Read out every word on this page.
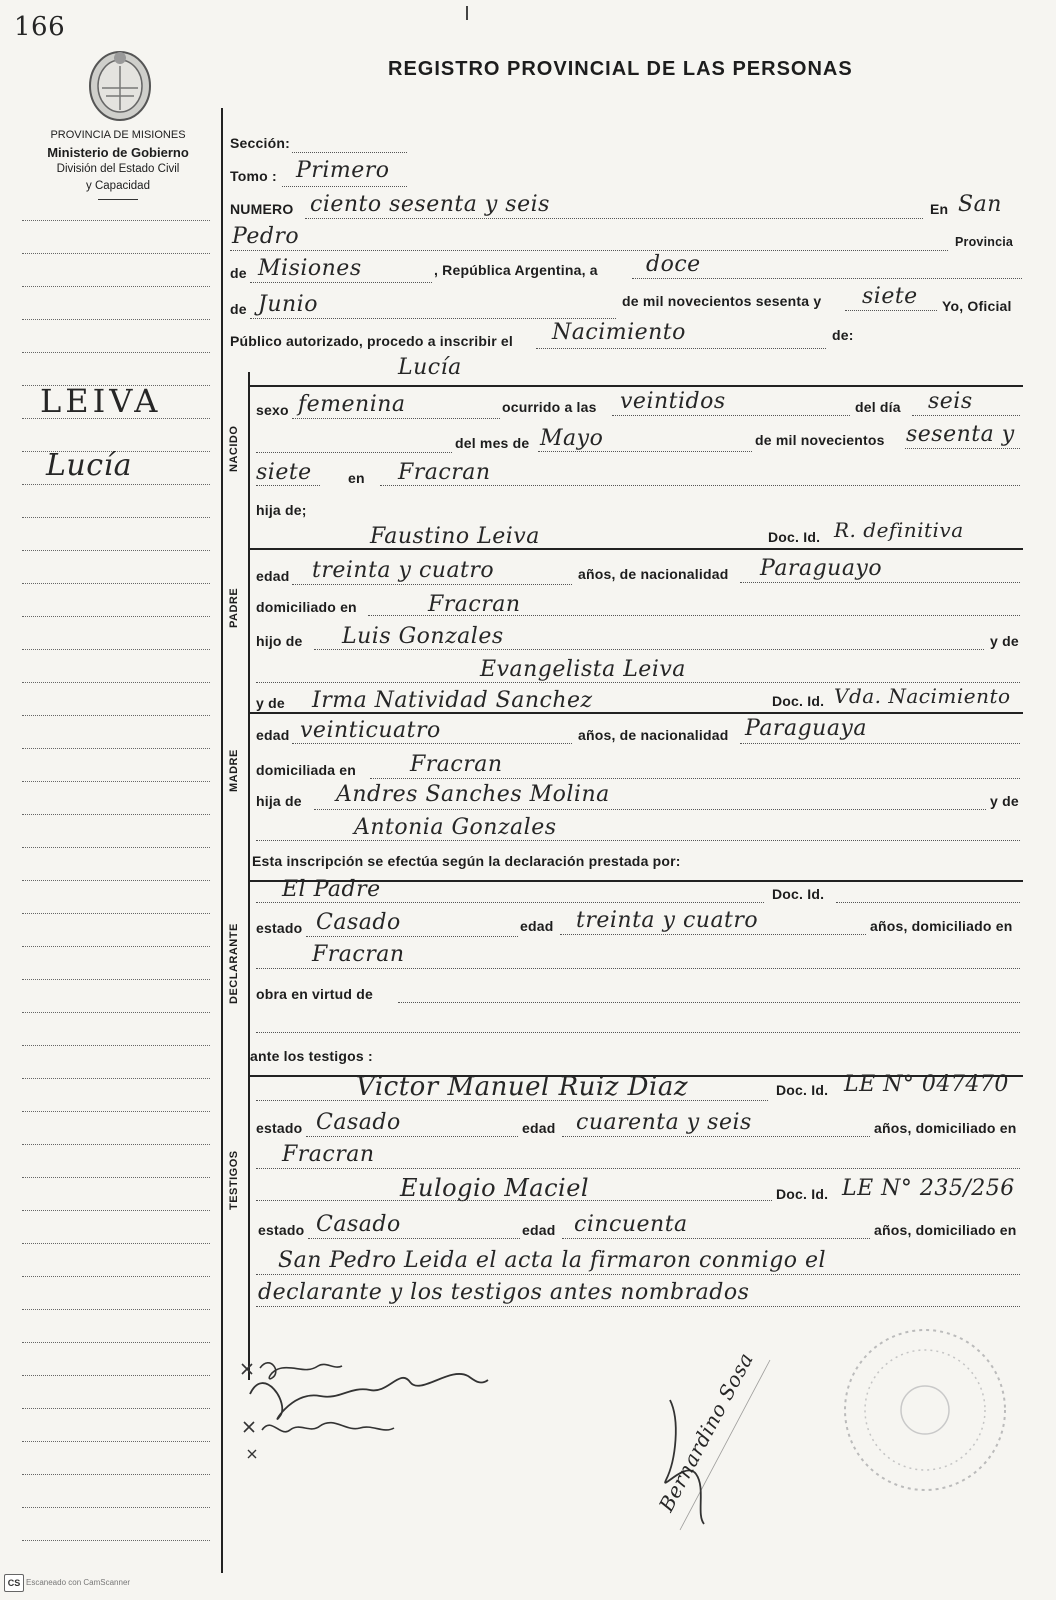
166
REGISTRO PROVINCIAL DE LAS PERSONAS
PROVINCIA DE MISIONES
Ministerio de Gobierno
División del Estado Civil
y Capacidad
LEIVA
Lucía	NACIDO
PADRE
MADRE
DECLARANTE
TESTIGOS
Sección:
Tomo : Primero
NUMERO ciento sesenta y seis	En San
Pedro	Provincia
de Misiones	, República Argentina, a doce
de Junio	de mil novecientos sesenta y siete Yo, Oficial
Público autorizado, procedo a inscribir el Nacimiento	de:
Lucía
sexo femenina	ocurrido a las veintidos	del día seis
del mes de Mayo	de mil novecientos sesenta y
siete	en Fracran
hija de;
Faustino Leiva	Doc. Id. R. definitiva
edad treinta y cuatro	años, de nacionalidad Paraguayo
domiciliado en	Fracran
hijo de Luis Gonzales	y de
Evangelista Leiva
y de Irma Natividad Sanchez	Doc. Id. Vda. Nacimiento
edad veinticuatro	años, de nacionalidad Paraguaya
domiciliada en Fracran
hija de Andres Sanches Molina	y de
Antonia Gonzales
Esta inscripción se efectúa según la declaración prestada por:
El Padre	Doc. Id.
estado Casado	edad treinta y cuatro	años, domiciliado en
Fracran
obra en virtud de
ante los testigos :
Victor Manuel Ruiz Diaz	Doc. Id. LE N° 047470
estado Casado	edad cuarenta y seis	años, domiciliado en
Fracran
Eulogio Maciel	Doc. Id. LE N° 235/256
estado Casado	edad cincuenta	años, domiciliado en
San Pedro Leida el acta la firmaron conmigo el
declarante y los testigos antes nombrados
Bernardino Sosa
CS Escaneado con CamScanner
